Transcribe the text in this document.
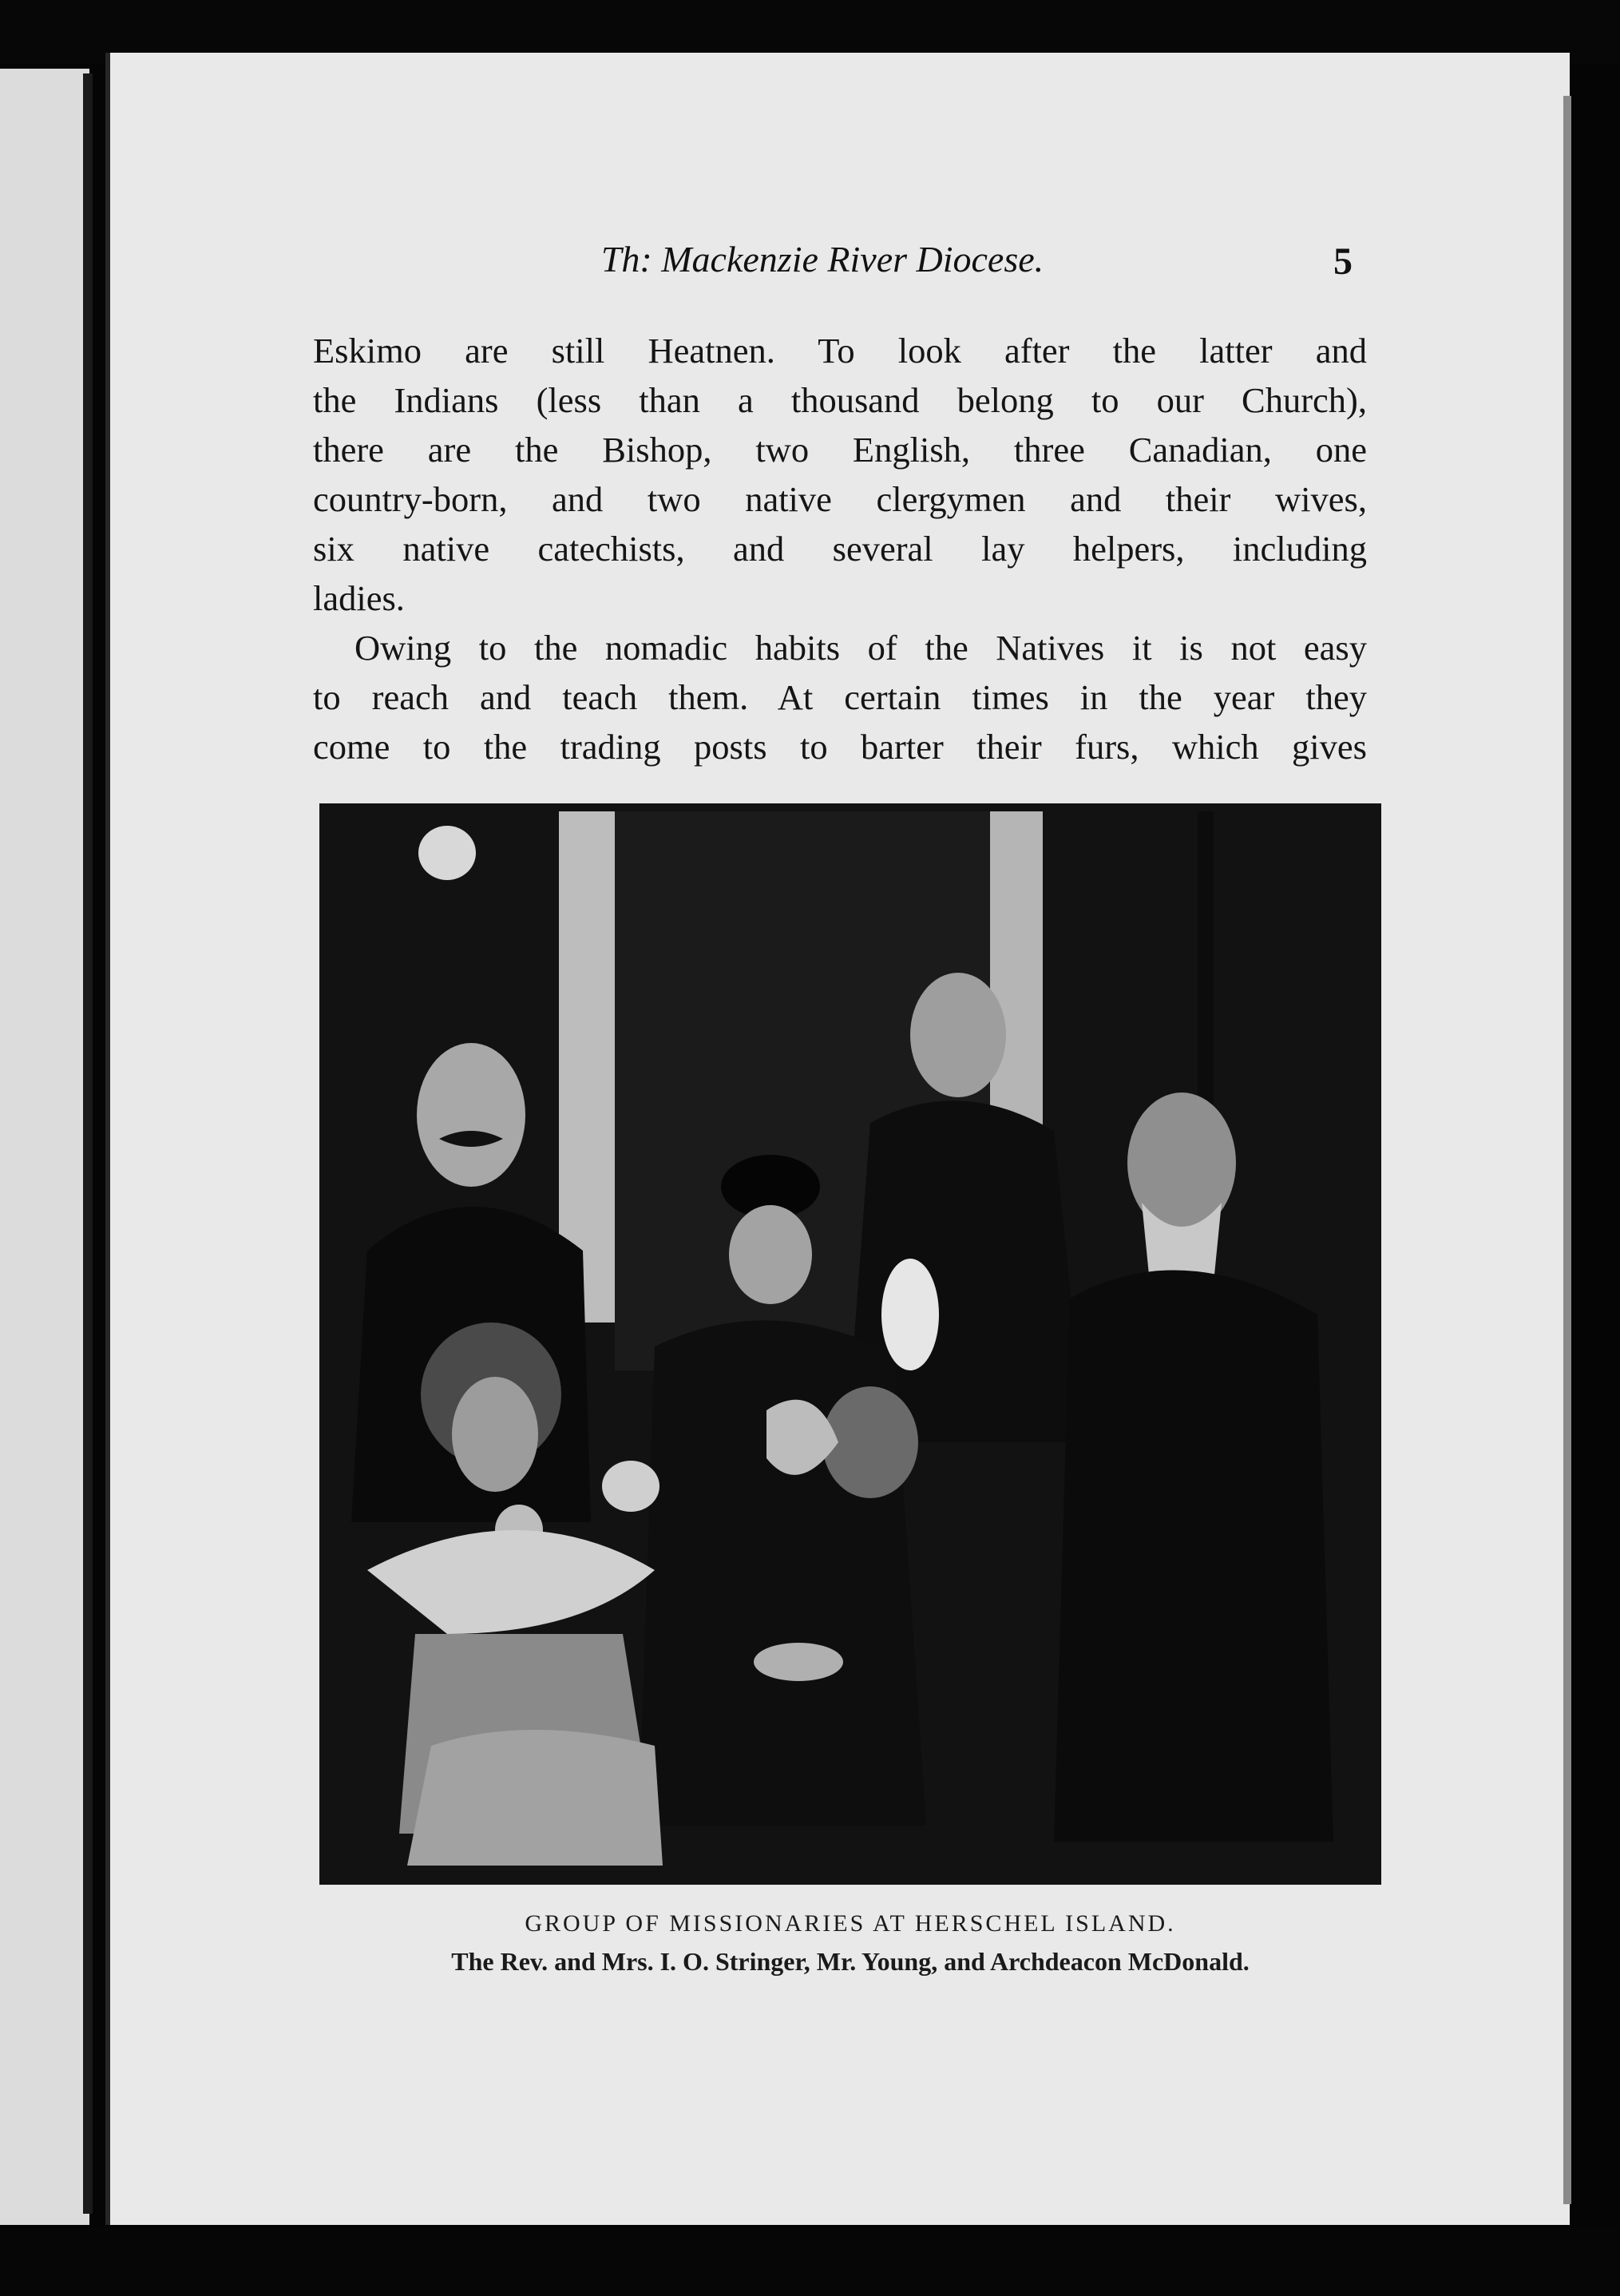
Th: Mackenzie River Diocese.	5

Eskimo are still Heatnen. To look after the latter and
the Indians (less than a thousand belong to our Church),
there are the Bishop, two English, three Canadian, one
country-born, and two native clergymen and their wives,
six native catechists, and several lay helpers, including
ladies.
Owing to the nomadic habits of the Natives it is not easy
to reach and teach them. At certain times in the year they
come to the trading posts to barter their furs, which gives

GROUP OF MISSIONARIES AT HERSCHEL ISLAND.
The Rev. and Mrs. I. O. Stringer, Mr. Young, and Archdeacon McDonald.
